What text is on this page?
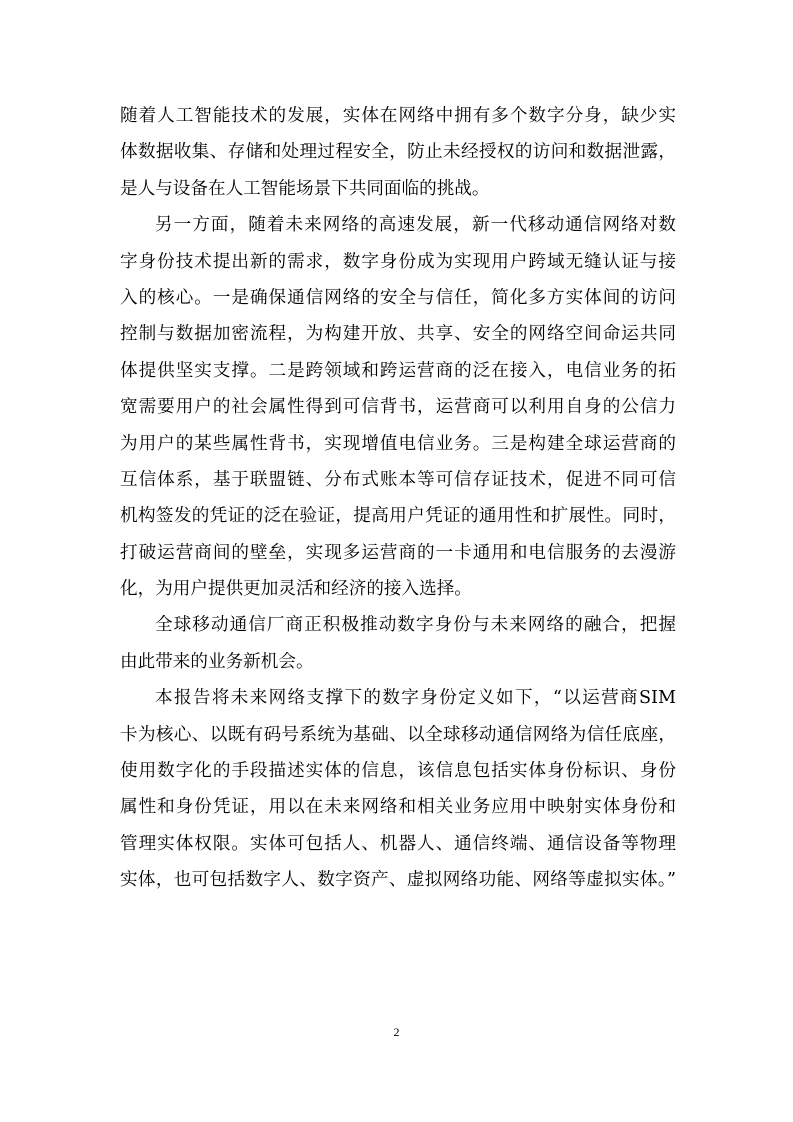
随着人工智能技术的发展，实体在网络中拥有多个数字分身，缺少实
体数据收集、存储和处理过程安全，防止未经授权的访问和数据泄露，
是人与设备在人工智能场景下共同面临的挑战。
另一方面，随着未来网络的高速发展，新一代移动通信网络对数
字身份技术提出新的需求，数字身份成为实现用户跨域无缝认证与接
入的核心。一是确保通信网络的安全与信任，简化多方实体间的访问
控制与数据加密流程，为构建开放、共享、安全的网络空间命运共同
体提供坚实支撑。二是跨领域和跨运营商的泛在接入，电信业务的拓
宽需要用户的社会属性得到可信背书，运营商可以利用自身的公信力
为用户的某些属性背书，实现增值电信业务。三是构建全球运营商的
互信体系，基于联盟链、分布式账本等可信存证技术，促进不同可信
机构签发的凭证的泛在验证，提高用户凭证的通用性和扩展性。同时，
打破运营商间的壁垒，实现多运营商的一卡通用和电信服务的去漫游
化，为用户提供更加灵活和经济的接入选择。
全球移动通信厂商正积极推动数字身份与未来网络的融合，把握
由此带来的业务新机会。
本报告将未来网络支撑下的数字身份定义如下，“以运营商SIM
卡为核心、以既有码号系统为基础、以全球移动通信网络为信任底座，
使用数字化的手段描述实体的信息，该信息包括实体身份标识、身份
属性和身份凭证，用以在未来网络和相关业务应用中映射实体身份和
管理实体权限。实体可包括人、机器人、通信终端、通信设备等物理
实体，也可包括数字人、数字资产、虚拟网络功能、网络等虚拟实体。”
2
